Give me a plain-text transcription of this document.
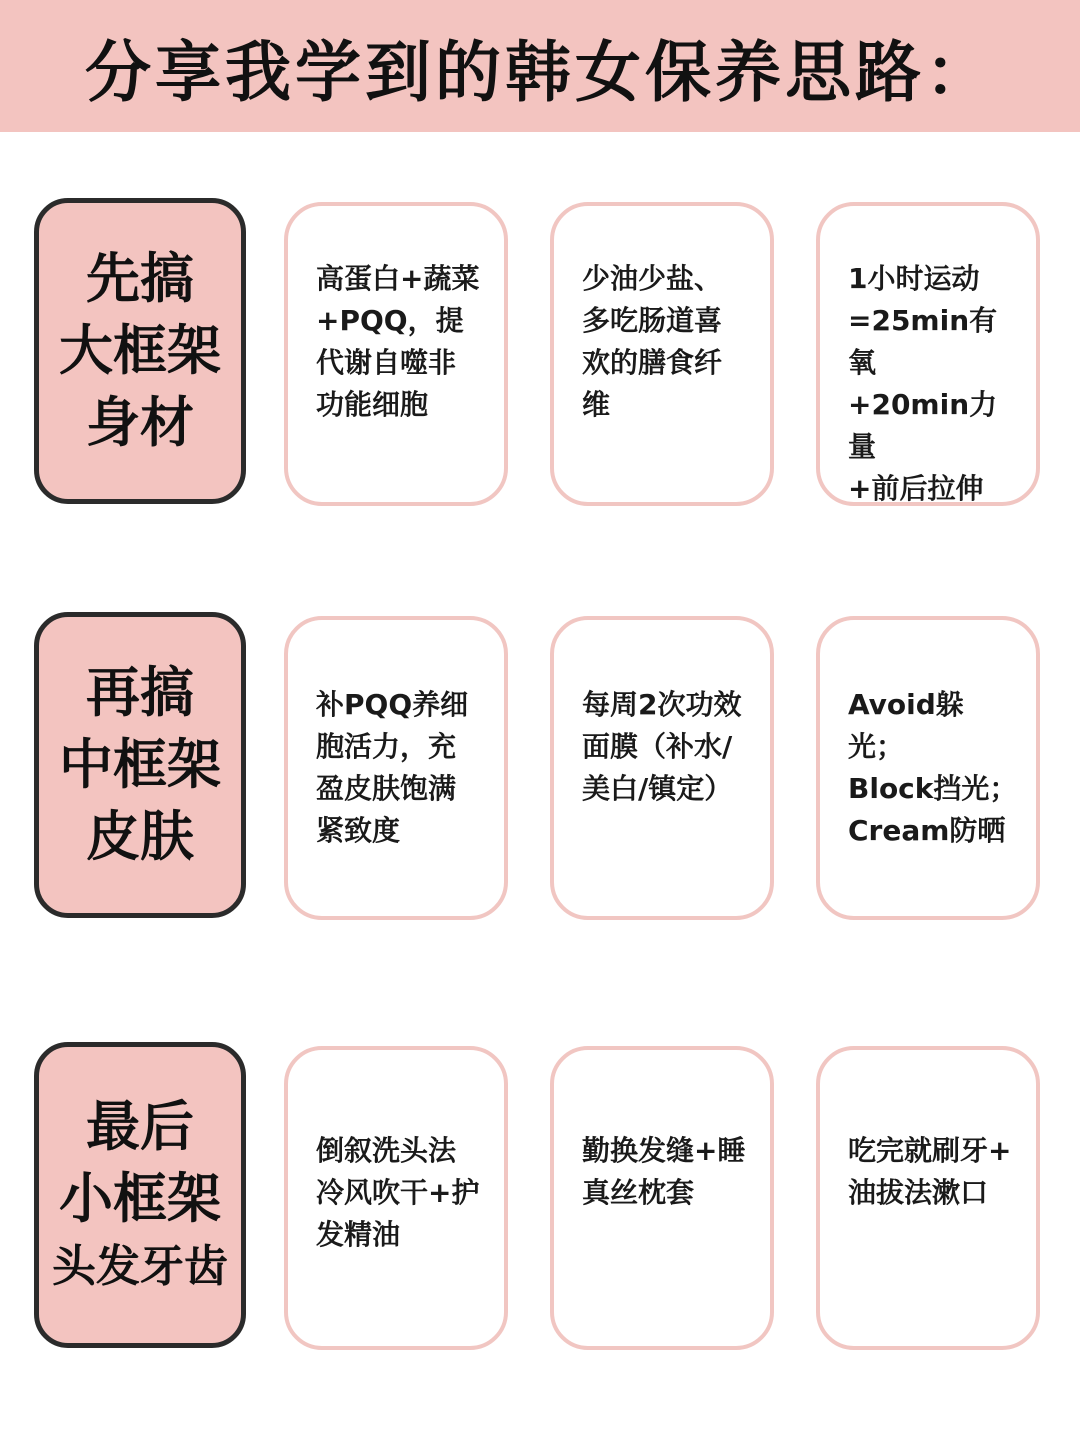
分享我学到的韩女保养思路：
先搞
大框架
身材
高蛋白+蔬菜
+PQQ，提
代谢自噬非
功能细胞
少油少盐、
多吃肠道喜
欢的膳食纤
维
1小时运动
=25min有氧
+20min力量
+前后拉伸
再搞
中框架
皮肤
补PQQ养细
胞活力，充
盈皮肤饱满
紧致度
每周2次功效
面膜（补水/
美白/镇定）
Avoid躲光；
Block挡光；
Cream防晒
最后
小框架
头发牙齿
倒叙洗头法
冷风吹干+护
发精油
勤换发缝+睡
真丝枕套
吃完就刷牙+
油拔法漱口
